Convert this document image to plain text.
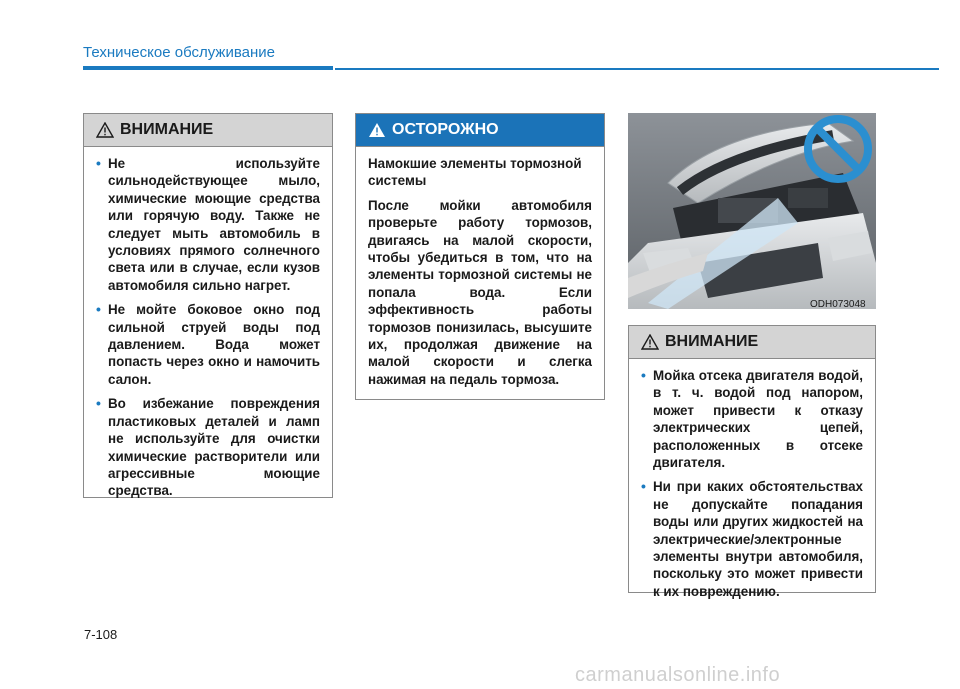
Техническое обслуживание
ВНИМАНИЕ
• Не используйте сильнодействующее мыло, химические моющие средства или горячую воду. Также не следует мыть автомобиль в условиях прямого солнечного света или в случае, если кузов автомобиля сильно нагрет.
• Не мойте боковое окно под сильной струей воды под давлением. Вода может попасть через окно и намочить салон.
• Во избежание повреждения пластиковых деталей и ламп не используйте для очистки химические растворители или агрессивные моющие средства.
ОСТОРОЖНО

Намокшие элементы тормозной системы

После мойки автомобиля проверьте работу тормозов, двигаясь на малой скорости, чтобы убедиться в том, что на элементы тормозной системы не попала вода. Если эффективность работы тормозов понизилась, высушите их, продолжая движение на малой скорости и слегка нажимая на педаль тормоза.

ODH073048
ВНИМАНИЕ
• Мойка отсека двигателя водой, в т. ч. водой под напором, может привести к отказу электрических цепей, расположенных в отсеке двигателя.
• Ни при каких обстоятельствах не допускайте попадания воды или других жидкостей на электрические/электронные элементы внутри автомобиля, поскольку это может привести к их повреждению.
7-108
carmanualsonline.info
